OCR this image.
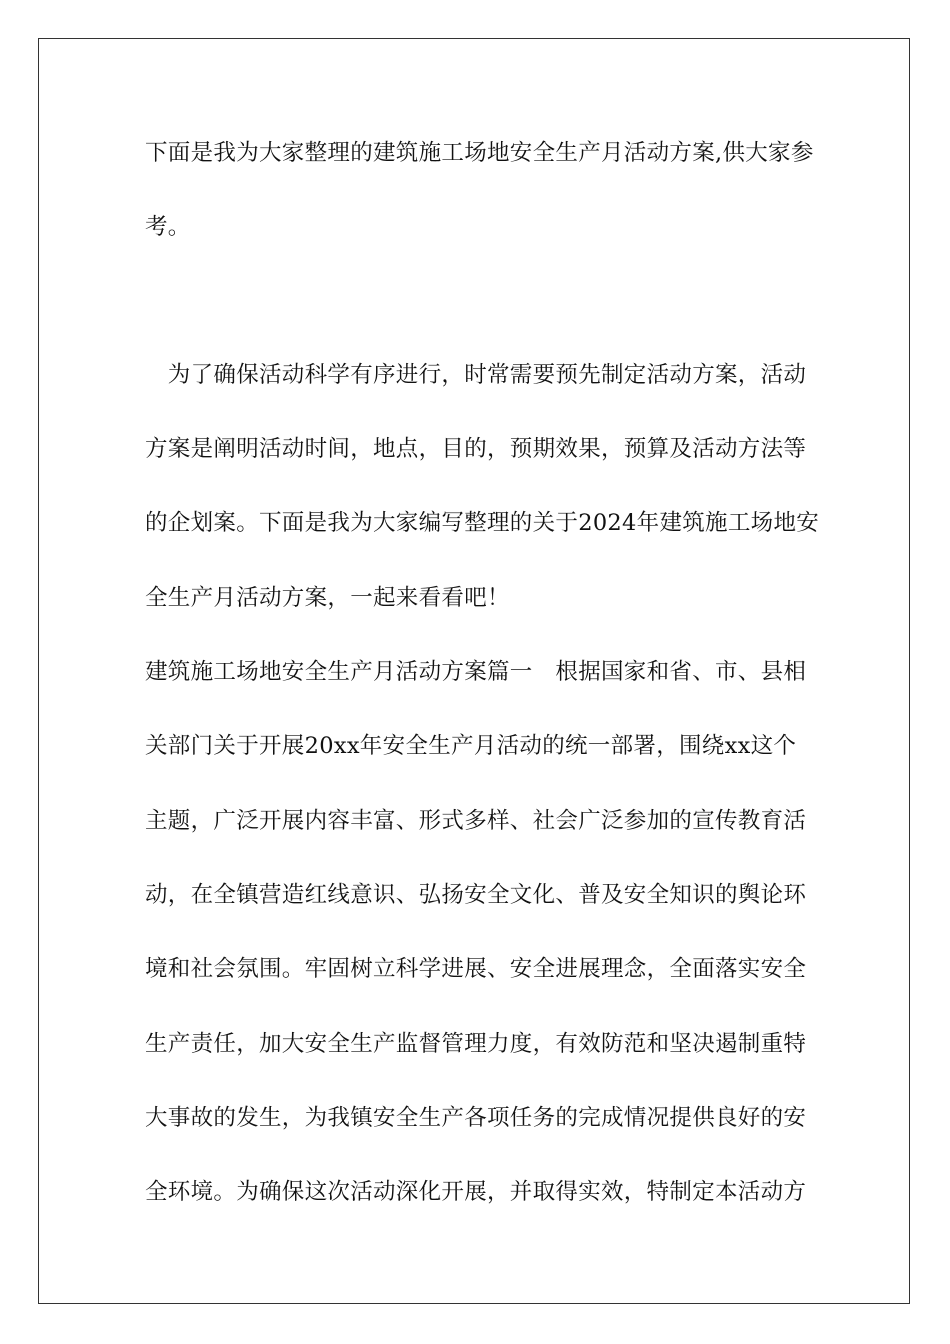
下面是我为大家整理的建筑施工场地安全生产月活动方案,供大家参
考。
　为了确保活动科学有序进行，时常需要预先制定活动方案，活动
方案是阐明活动时间，地点，目的，预期效果，预算及活动方法等
的企划案。下面是我为大家编写整理的关于2024年建筑施工场地安
全生产月活动方案，一起来看看吧！
建筑施工场地安全生产月活动方案篇一　根据国家和省、市、县相
关部门关于开展20xx年安全生产月活动的统一部署，围绕xx这个
主题，广泛开展内容丰富、形式多样、社会广泛参加的宣传教育活
动，在全镇营造红线意识、弘扬安全文化、普及安全知识的舆论环
境和社会氛围。牢固树立科学进展、安全进展理念，全面落实安全
生产责任，加大安全生产监督管理力度，有效防范和坚决遏制重特
大事故的发生，为我镇安全生产各项任务的完成情况提供良好的安
全环境。为确保这次活动深化开展，并取得实效，特制定本活动方
